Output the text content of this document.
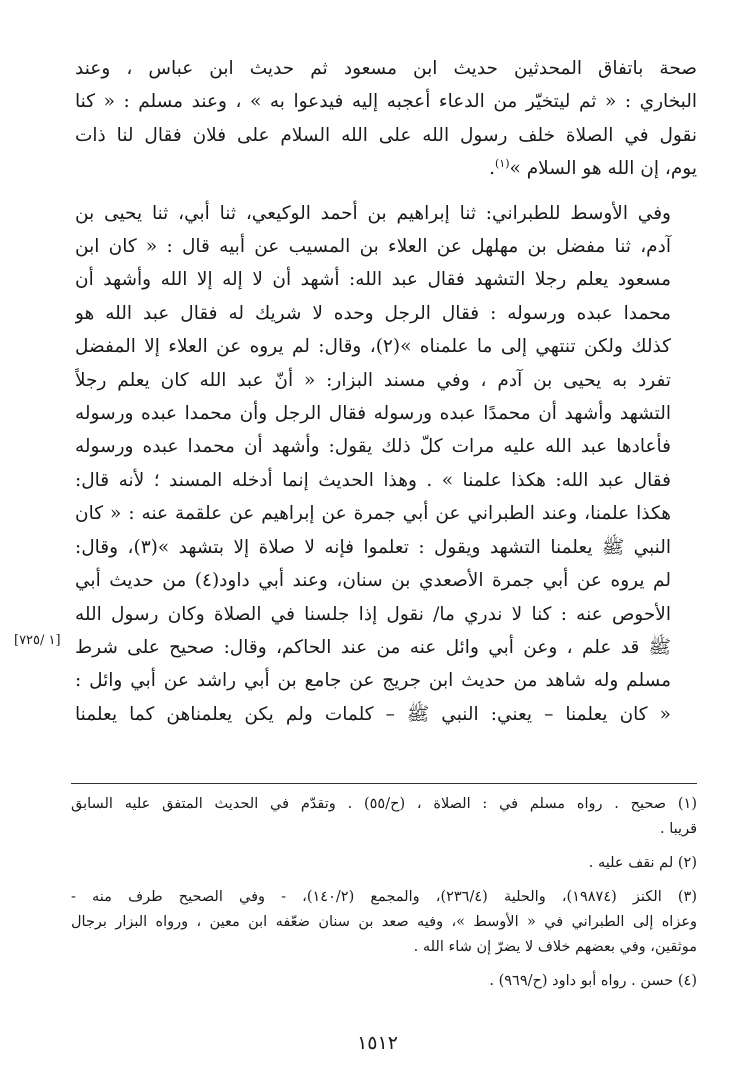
صحة باتفاق المحدثين حديث ابن مسعود ثم حديث ابن عباس ، وعند
البخاري : « ثم ليتخيّر من الدعاء أعجبه إليه فيدعوا به » ، وعند مسلم : « كنا
نقول في الصلاة خلف رسول الله على الله السلام على فلان فقال لنا ذات
يوم، إن الله هو السلام »$^{(١)}$.

وفي الأوسط للطبراني: ثنا إبراهيم بن أحمد الوكيعي، ثنا أبي، ثنا يحيى بن
آدم، ثنا مفضل بن مهلهل عن العلاء بن المسيب عن أبيه قال : « كان ابن
مسعود يعلم رجلا التشهد فقال عبد الله: أشهد أن لا إله إلا الله وأشهد أن
محمدا عبده ورسوله : فقال الرجل وحده لا شريك له فقال عبد الله هو
كذلك ولكن تنتهي إلى ما علمناه »(٢)، وقال: لم يروه عن العلاء إلا المفضل
تفرد به يحيى بن آدم ، وفي مسند البزار: « أنّ عبد الله كان يعلم رجلاً
التشهد وأشهد أن محمدًا عبده ورسوله فقال الرجل وأن محمدا عبده ورسوله
فأعادها عبد الله عليه مرات كلّ ذلك يقول: وأشهد أن محمدا عبده ورسوله
فقال عبد الله: هكذا علمنا » . وهذا الحديث إنما أدخله المسند ؛ لأنه قال:
هكذا علمنا، وعند الطبراني عن أبي جمرة عن إبراهيم عن علقمة عنه : « كان
النبي ﷺ يعلمنا التشهد ويقول : تعلموا فإنه لا صلاة إلا بتشهد »(٣)، وقال:
لم يروه عن أبي جمرة الأصعدي بن سنان، وعند أبي داود(٤) من حديث أبي
الأحوص عنه : كنا لا ندري ما/ نقول إذا جلسنا في الصلاة وكان رسول الله
ﷺ قد علم ، وعن أبي وائل عنه من عند الحاكم، وقال: صحيح على شرط
مسلم وله شاهد من حديث ابن جريج عن جامع بن أبي راشد عن أبي وائل :
« كان يعلمنا – يعني: النبي ﷺ – كلمات ولم يكن يعلمناهن كما يعلمنا

[١ /٧٢٥]

(١) صحيح . رواه مسلم في : الصلاة ، (ح/٥٥) . وتقدّم في الحديث المتفق عليه السابق
قريبا .

(٢) لم نقف عليه .

(٣) الكنز (١٩٨٧٤)، والحلية (٢٣٦/٤)، والمجمع (١٤٠/٢)، - وفي الصحيح طرف منه -
وعزاه إلى الطبراني في « الأوسط »، وفيه صعد بن سنان ضعّفه ابن معين ، ورواه البزار برجال
موثقين، وفي بعضهم خلاف لا يضرّ إن شاء الله .

(٤) حسن . رواه أبو داود (ح/٩٦٩) .

١٥١٢
